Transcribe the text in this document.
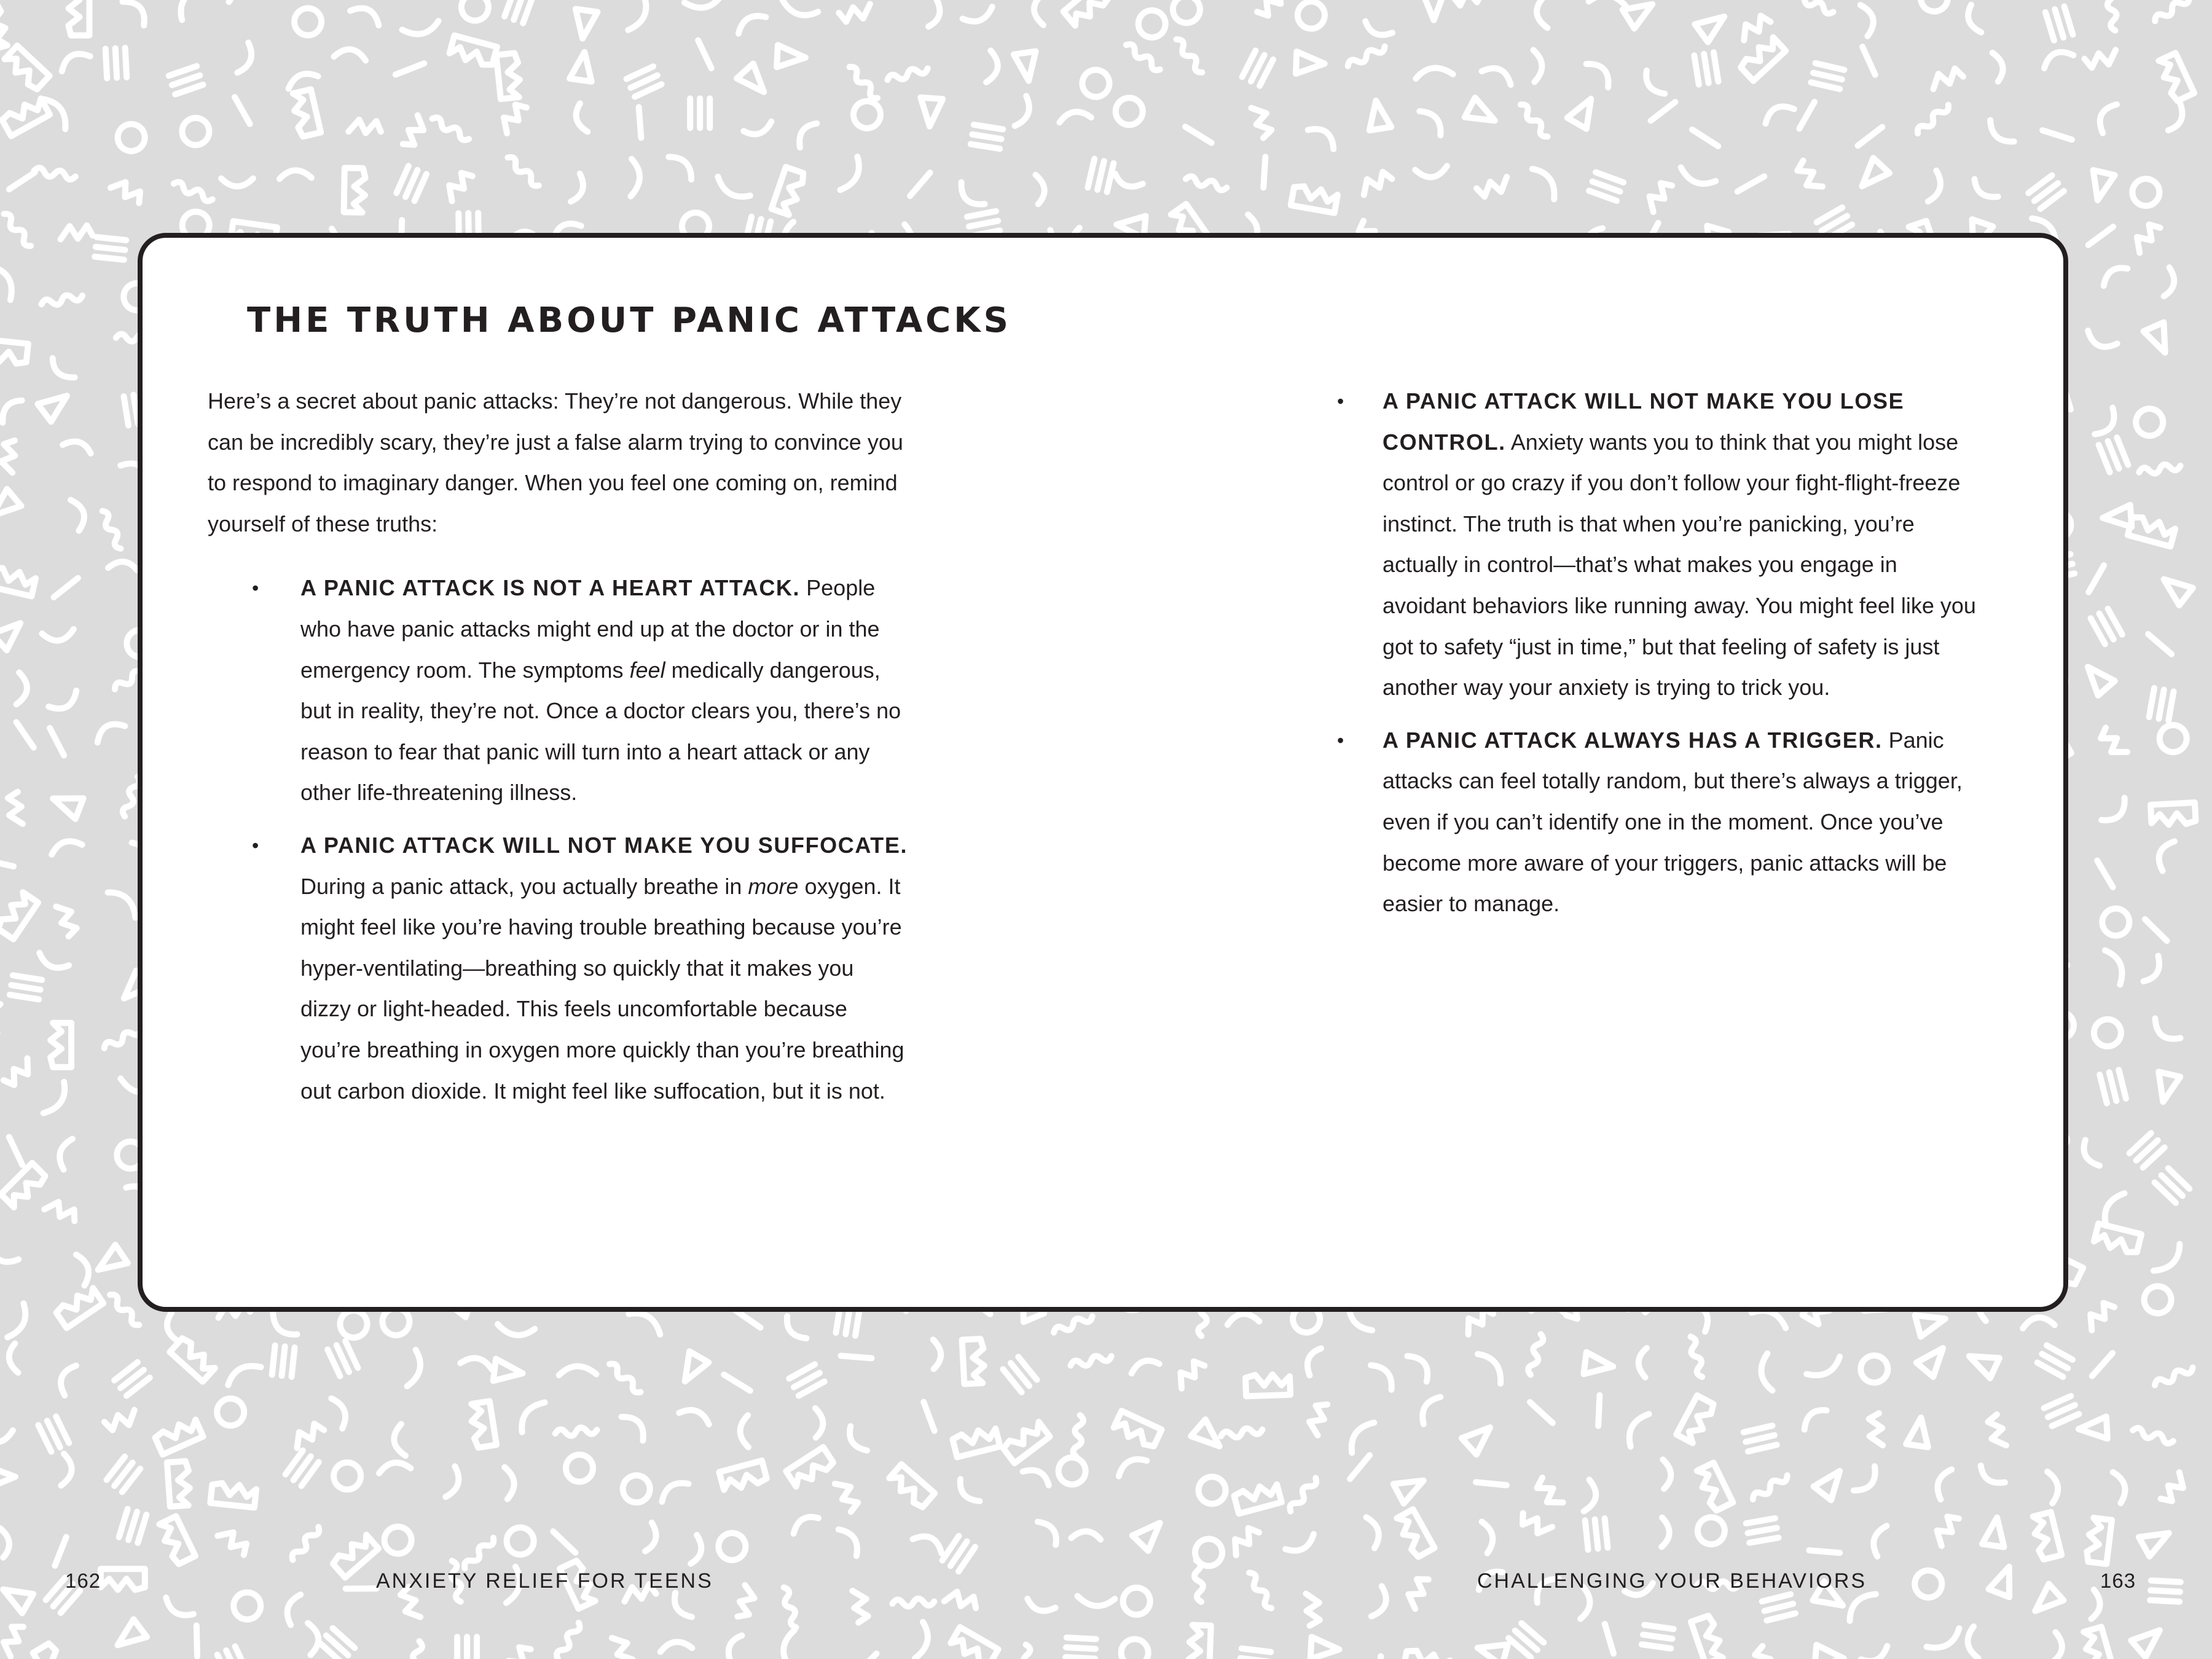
THE TRUTH ABOUT PANIC ATTACKS

Here’s a secret about panic attacks: They’re not dangerous. While they can be incredibly scary, they’re just a false alarm trying to convince you to respond to imaginary danger. When you feel one coming on, remind yourself of these truths:

• A PANIC ATTACK IS NOT A HEART ATTACK. People who have panic attacks might end up at the doctor or in the emergency room. The symptoms feel medically dangerous, but in reality, they’re not. Once a doctor clears you, there’s no reason to fear that panic will turn into a heart attack or any other life-threatening illness.
• A PANIC ATTACK WILL NOT MAKE YOU SUFFOCATE. During a panic attack, you actually breathe in more oxygen. It might feel like you’re having trouble breathing because you’re hyper-ventilating—breathing so quickly that it makes you dizzy or light-headed. This feels uncomfortable because you’re breathing in oxygen more quickly than you’re breathing out carbon dioxide. It might feel like suffocation, but it is not.
• A PANIC ATTACK WILL NOT MAKE YOU LOSE CONTROL. Anxiety wants you to think that you might lose control or go crazy if you don’t follow your fight-flight-freeze instinct. The truth is that when you’re panicking, you’re actually in control—that’s what makes you engage in avoidant behaviors like running away. You might feel like you got to safety “just in time,” but that feeling of safety is just another way your anxiety is trying to trick you.
• A PANIC ATTACK ALWAYS HAS A TRIGGER. Panic attacks can feel totally random, but there’s always a trigger, even if you can’t identify one in the moment. Once you’ve become more aware of your triggers, panic attacks will be easier to manage.
162	ANXIETY RELIEF FOR TEENS	CHALLENGING YOUR BEHAVIORS	163
